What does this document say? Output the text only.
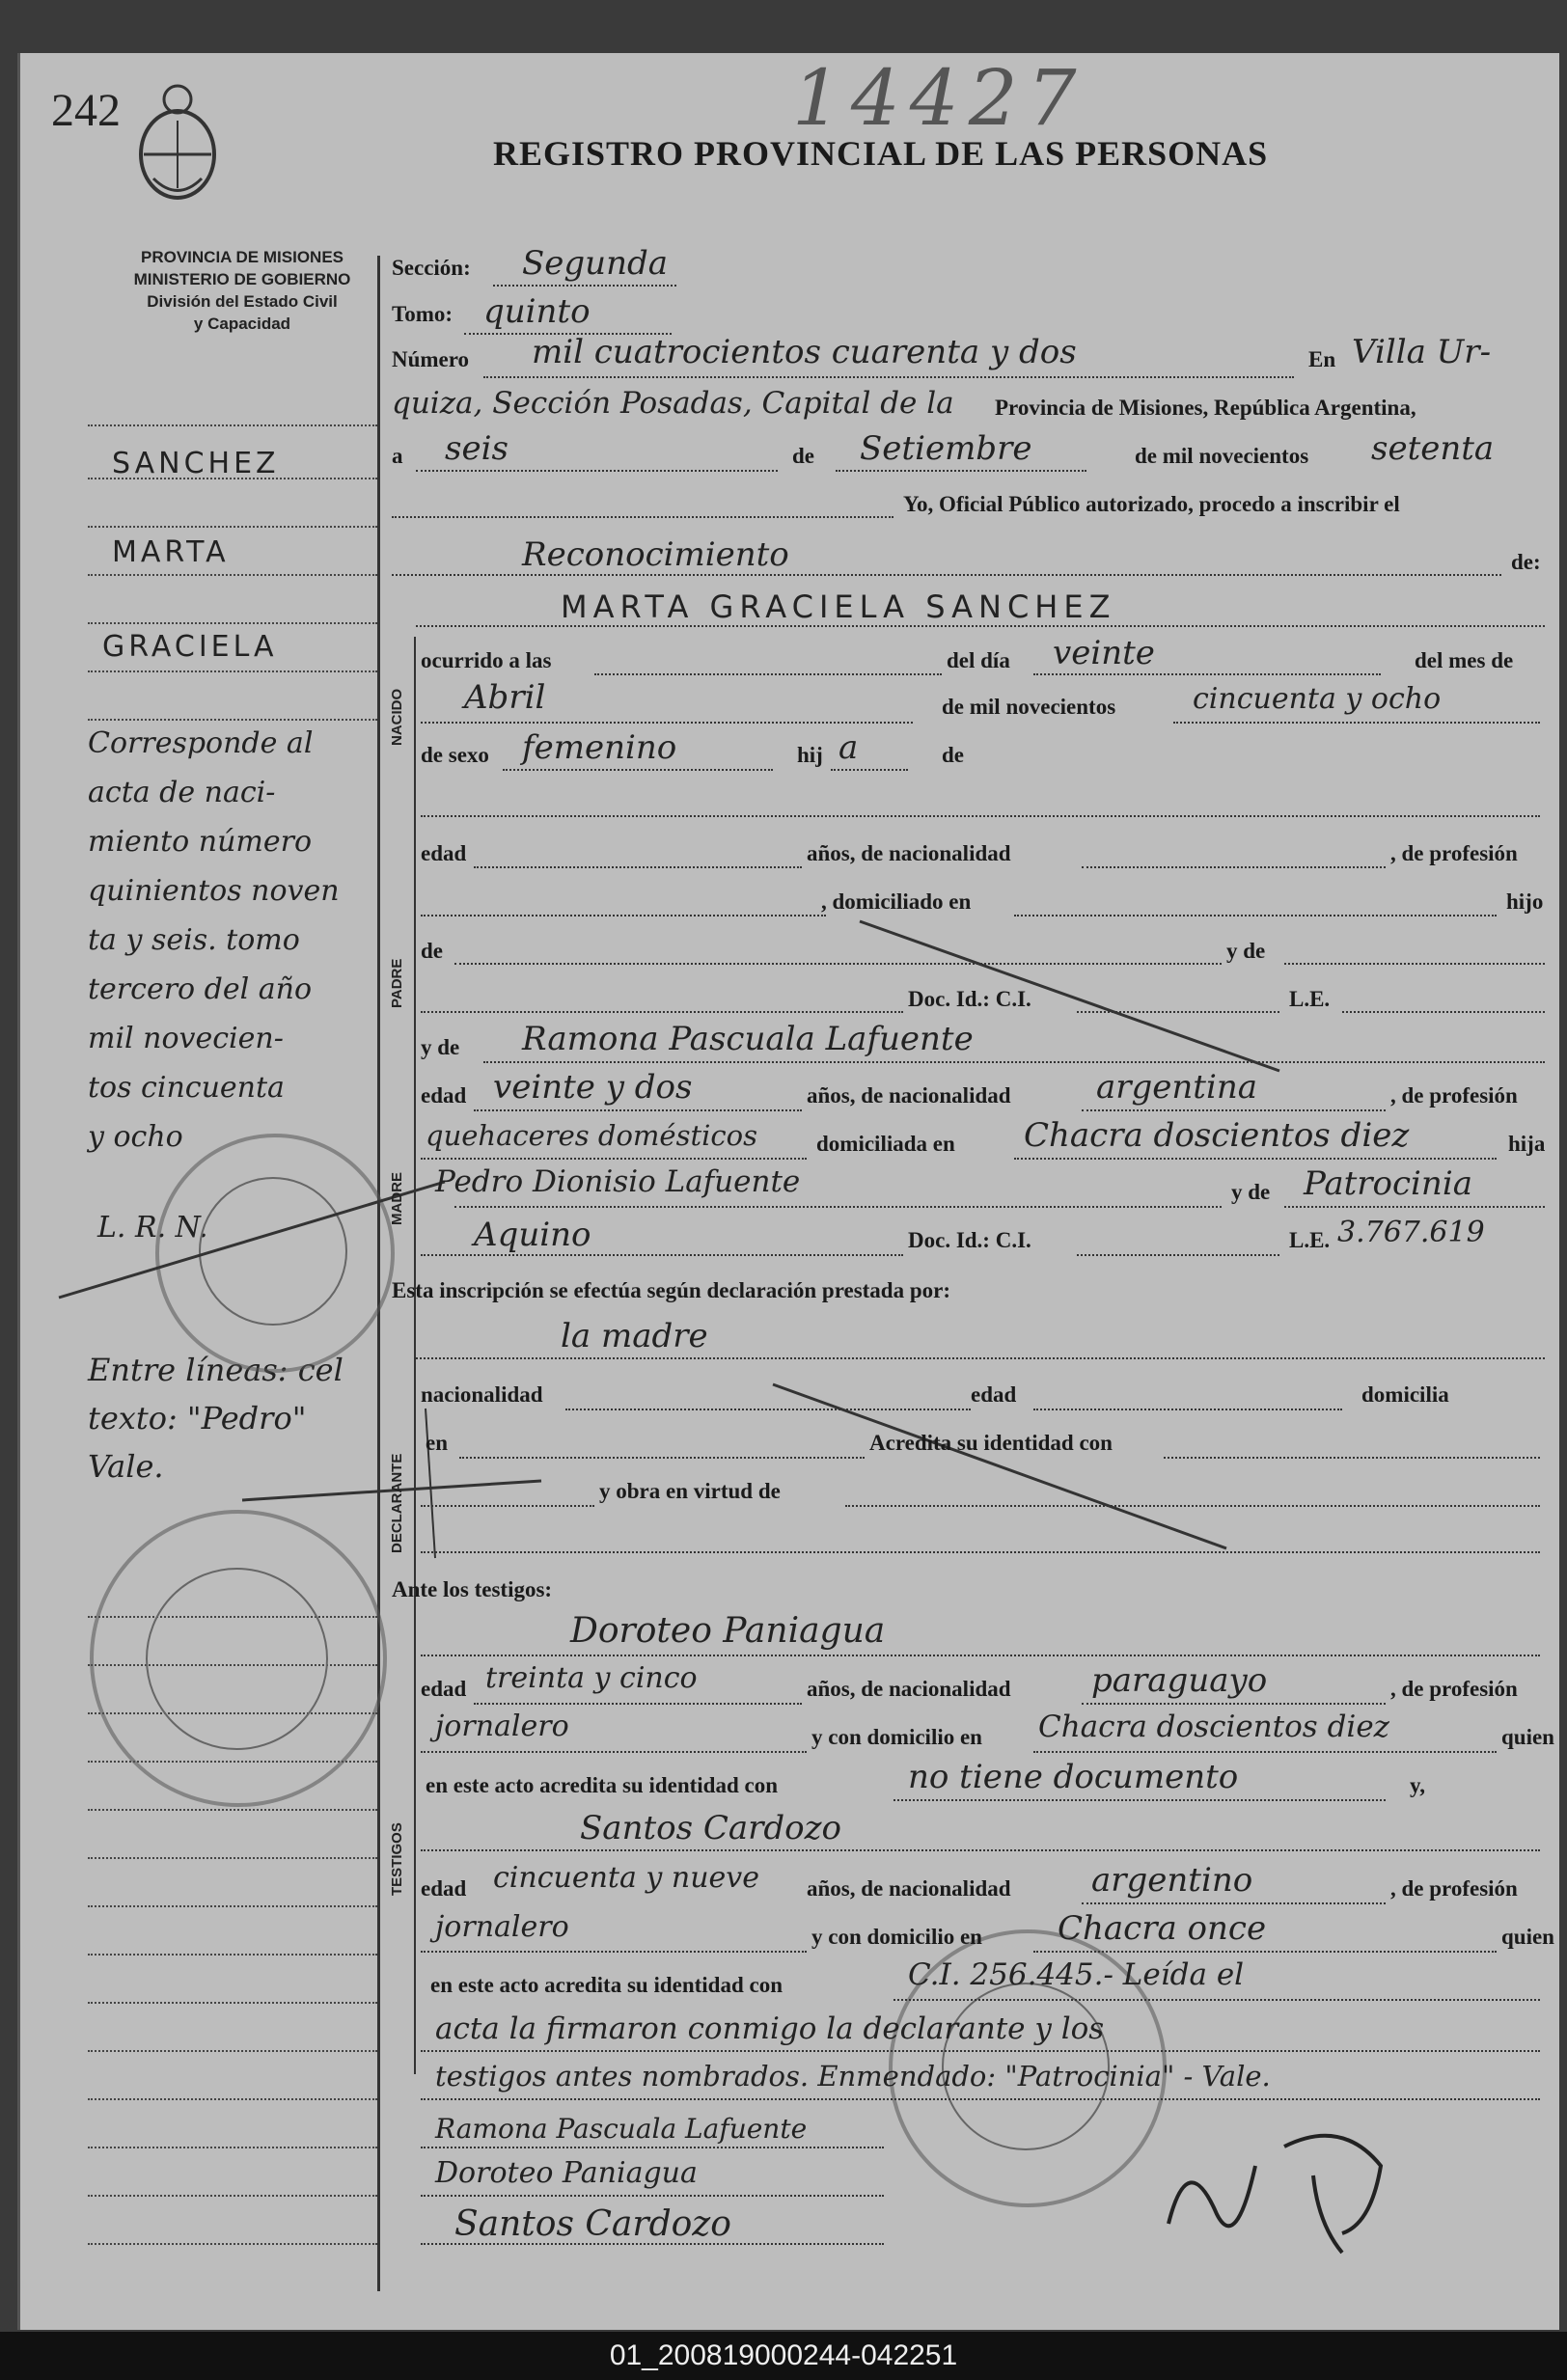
242	14427
REGISTRO PROVINCIAL DE LAS PERSONAS
PROVINCIA DE MISIONES
MINISTERIO DE GOBIERNO
División del Estado Civil
y Capacidad
SANCHEZ
MARTA
GRACIELA
Corresponde al
acta de naci-
miento número
quinientos noven
ta y seis. tomo
tercero del año
mil novecien-
tos cincuenta
y ocho
L. R. N.
Entre líneas: cel
texto: "Pedro"
Vale.
Sección: Segunda
Tomo: quinto
Número mil cuatrocientos cuarenta y dos	En Villa Ur-
quiza, Sección Posadas, Capital de la Provincia de Misiones, República Argentina,
a seis	de Setiembre	de mil novecientos setenta
Yo, Oficial Público autorizado, procedo a inscribir el
Reconocimiento	de:
MARTA GRACIELA SANCHEZ
NACIDO
ocurrido a las	del día veinte	del mes de
Abril	de mil novecientos	cincuenta y ocho
de sexo femenino	hij a	de
PADRE
edad	años, de nacionalidad	, de profesión
, domiciliado en	hijo
de	y de
Doc. Id.: C.I.	L.E.
MADRE
y de Ramona Pascuala Lafuente
edad veinte y dos	años, de nacionalidad	argentina	, de profesión
quehaceres domésticos	domiciliada en Chacra doscientos diez	hija
Pedro Dionisio Lafuente	y de Patrocinia
Aquino	Doc. Id.: C.I.	L.E. 3.767.619
Esta inscripción se efectúa según declaración prestada por:
la madre
DECLARANTE
nacionalidad	edad	domicilia
en	Acredita su identidad con
y obra en virtud de
Ante los testigos:
Doroteo Paniagua
TESTIGOS
edad treinta y cinco	años, de nacionalidad paraguayo	, de profesión
jornalero	y con domicilio en Chacra doscientos diez	quien
en este acto acredita su identidad con	no tiene documento	y,
Santos Cardozo
edad cincuenta y nueve años, de nacionalidad argentino	, de profesión
jornalero	y con domicilio en Chacra once	quien
en este acto acredita su identidad con	C.I. 256.445.- Leída el
acta la firmaron conmigo la declarante y los
testigos antes nombrados. Enmendado: "Patrocinia" - Vale.
Ramona Pascuala Lafuente
Doroteo Paniagua
Santos Cardozo
01_200819000244-042251
